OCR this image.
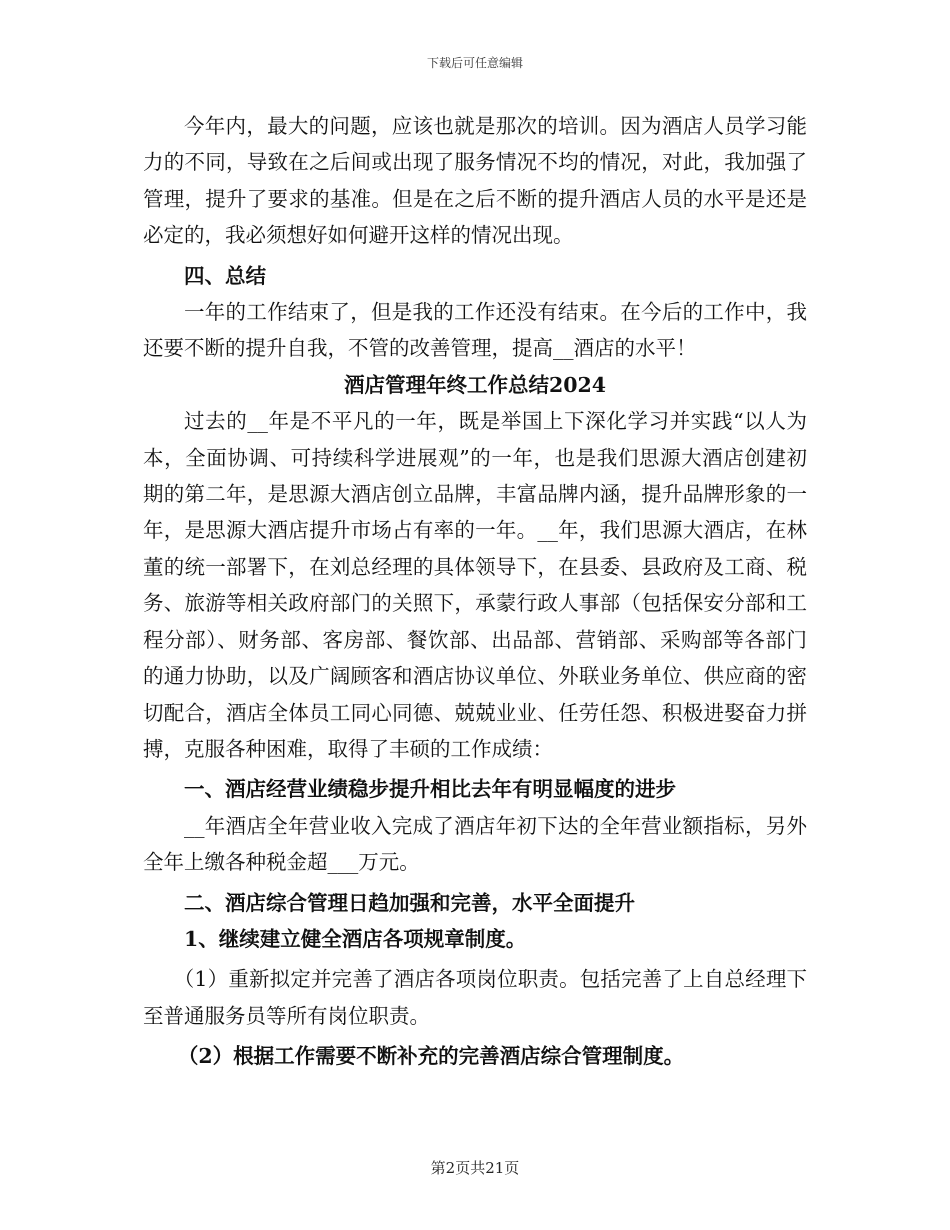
下载后可任意编辑

今年内，最大的问题，应该也就是那次的培训。因为酒店人员学习能力的不同，导致在之后间或出现了服务情况不均的情况，对此，我加强了管理，提升了要求的基准。但是在之后不断的提升酒店人员的水平是还是必定的，我必须想好如何避开这样的情况出现。

四、总结

一年的工作结束了，但是我的工作还没有结束。在今后的工作中，我还要不断的提升自我，不管的改善管理，提高__酒店的水平！

酒店管理年终工作总结2024

过去的__年是不平凡的一年，既是举国上下深化学习并实践“以人为本，全面协调、可持续科学进展观”的一年，也是我们思源大酒店创建初期的第二年，是思源大酒店创立品牌，丰富品牌内涵，提升品牌形象的一年，是思源大酒店提升市场占有率的一年。__年，我们思源大酒店，在林董的统一部署下，在刘总经理的具体领导下，在县委、县政府及工商、税务、旅游等相关政府部门的关照下，承蒙行政人事部（包括保安分部和工程分部）、财务部、客房部、餐饮部、出品部、营销部、采购部等各部门的通力协助，以及广阔顾客和酒店协议单位、外联业务单位、供应商的密切配合，酒店全体员工同心同德、兢兢业业、任劳任怨、积极进娶奋力拼搏，克服各种困难，取得了丰硕的工作成绩：

一、酒店经营业绩稳步提升相比去年有明显幅度的进步

__年酒店全年营业收入完成了酒店年初下达的全年营业额指标，另外全年上缴各种税金超___万元。

二、酒店综合管理日趋加强和完善，水平全面提升

1、继续建立健全酒店各项规章制度。

（1）重新拟定并完善了酒店各项岗位职责。包括完善了上自总经理下至普通服务员等所有岗位职责。

（2）根据工作需要不断补充的完善酒店综合管理制度。

第2页共21页
